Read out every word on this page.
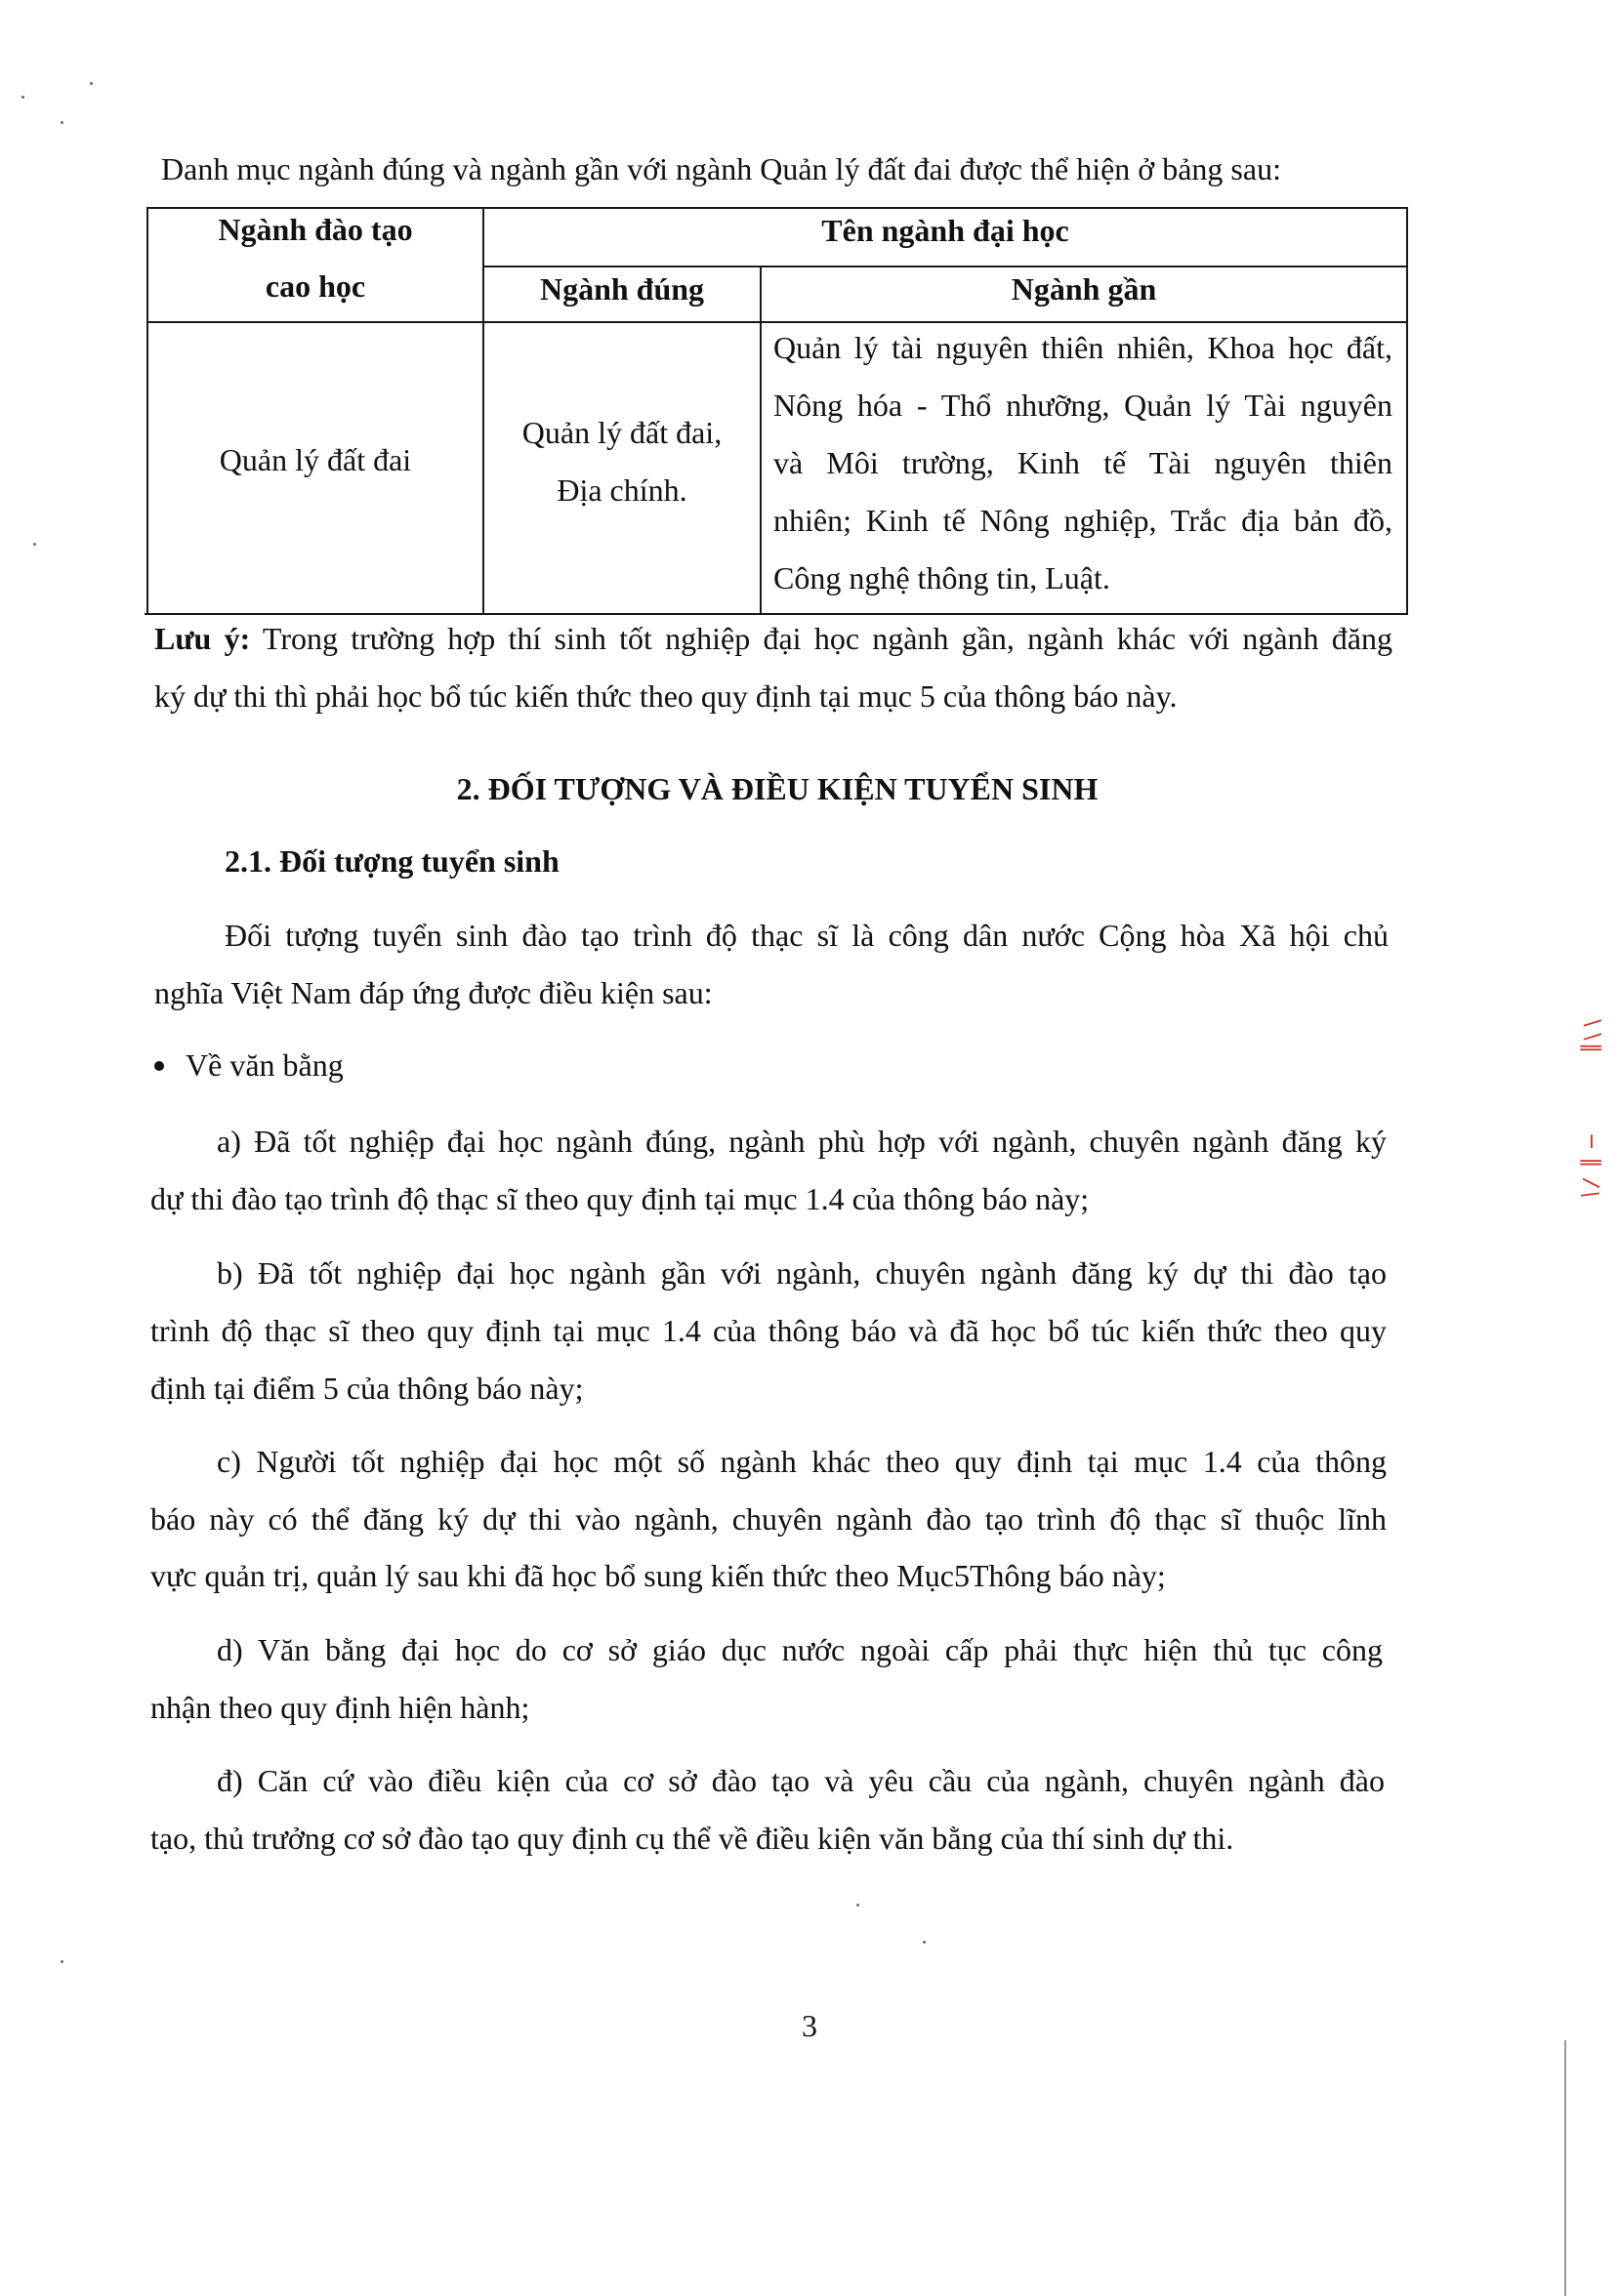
∖∖∥
− ∥
∕∖
Danh mục ngành đúng và ngành gần với ngành Quản lý đất đai được thể hiện ở bảng sau:
Ngành đào tạo
cao học
Tên ngành đại học
Ngành đúng	Ngành gần
Quản lý đất đai
Quản lý đất đai,
Địa chính.
Quản lý tài nguyên thiên nhiên, Khoa học đất,
Nông hóa - Thổ nhưỡng, Quản lý Tài nguyên
và Môi trường, Kinh tế Tài nguyên thiên
nhiên; Kinh tế Nông nghiệp, Trắc địa bản đồ,
Công nghệ thông tin, Luật.
Lưu ý: Trong trường hợp thí sinh tốt nghiệp đại học ngành gần, ngành khác với ngành đăng
ký dự thi thì phải học bổ túc kiến thức theo quy định tại mục 5 của thông báo này.
2. ĐỐI TƯỢNG VÀ ĐIỀU KIỆN TUYỂN SINH
2.1. Đối tượng tuyển sinh
Đối tượng tuyển sinh đào tạo trình độ thạc sĩ là công dân nước Cộng hòa Xã hội chủ
nghĩa Việt Nam đáp ứng được điều kiện sau:
Về văn bằng
a) Đã tốt nghiệp đại học ngành đúng, ngành phù hợp với ngành, chuyên ngành đăng ký
dự thi đào tạo trình độ thạc sĩ theo quy định tại mục 1.4 của thông báo này;
b) Đã tốt nghiệp đại học ngành gần với ngành, chuyên ngành đăng ký dự thi đào tạo
trình độ thạc sĩ theo quy định tại mục 1.4 của thông báo và đã học bổ túc kiến thức theo quy
định tại điểm 5 của thông báo này;
c) Người tốt nghiệp đại học một số ngành khác theo quy định tại mục 1.4 của thông
báo này có thể đăng ký dự thi vào ngành, chuyên ngành đào tạo trình độ thạc sĩ thuộc lĩnh
vực quản trị, quản lý sau khi đã học bổ sung kiến thức theo Mục5Thông báo này;
d) Văn bằng đại học do cơ sở giáo dục nước ngoài cấp phải thực hiện thủ tục công
nhận theo quy định hiện hành;
đ) Căn cứ vào điều kiện của cơ sở đào tạo và yêu cầu của ngành, chuyên ngành đào
tạo, thủ trưởng cơ sở đào tạo quy định cụ thể về điều kiện văn bằng của thí sinh dự thi.
3
